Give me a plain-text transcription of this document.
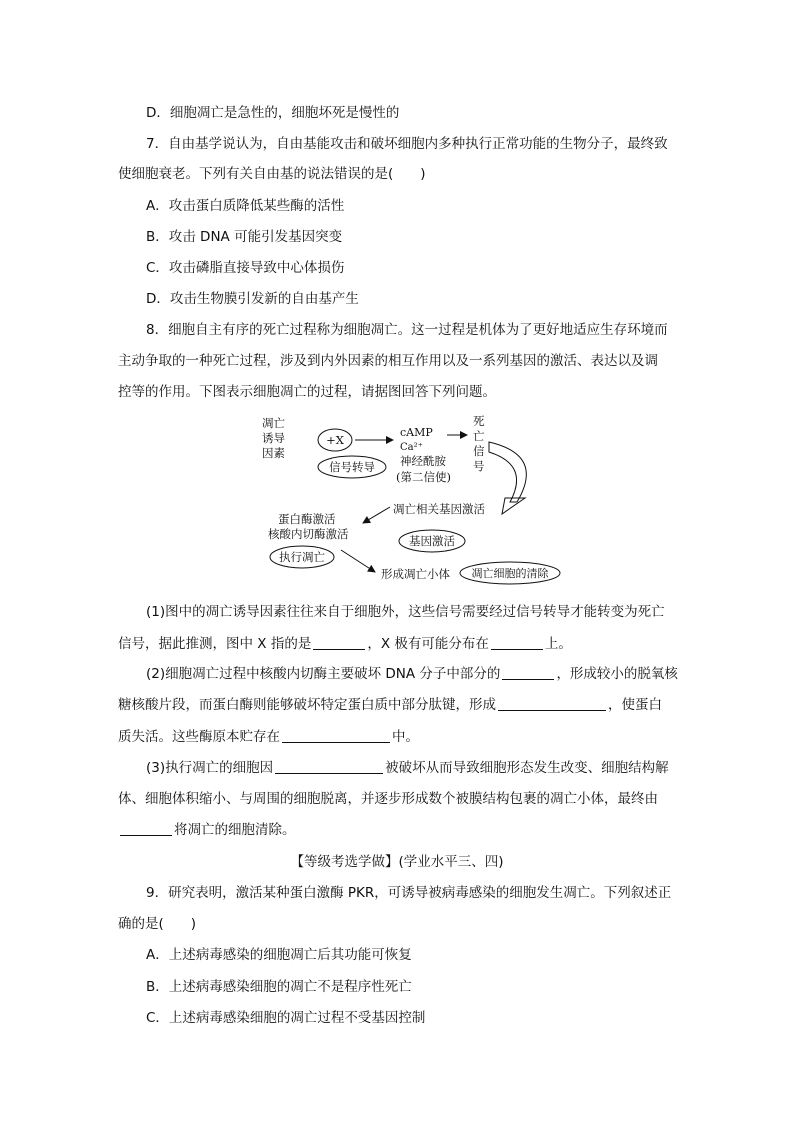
D．细胞凋亡是急性的，细胞坏死是慢性的
7．自由基学说认为，自由基能攻击和破坏细胞内多种执行正常功能的生物分子，最终致
使细胞衰老。下列有关自由基的说法错误的是(　　)
A．攻击蛋白质降低某些酶的活性
B．攻击 DNA 可能引发基因突变
C．攻击磷脂直接导致中心体损伤
D．攻击生物膜引发新的自由基产生
8．细胞自主有序的死亡过程称为细胞凋亡。这一过程是机体为了更好地适应生存环境而
主动争取的一种死亡过程，涉及到内外因素的相互作用以及一系列基因的激活、表达以及调
控等的作用。下图表示细胞凋亡的过程，请据图回答下列问题。
凋亡
诱导
因素
+X
信号转导
cAMP
Ca²⁺
神经酰胺
(第二信使)
死
亡
信
号
凋亡相关基因激活
基因激活
蛋白酶激活
核酸内切酶激活
执行凋亡
形成凋亡小体 凋亡细胞的清除
(1)图中的凋亡诱导因素往往来自于细胞外，这些信号需要经过信号转导才能转变为死亡
信号，据此推测，图中 X 指的是	，X 极有可能分布在	上。
(2)细胞凋亡过程中核酸内切酶主要破坏 DNA 分子中部分的	，形成较小的脱氧核
糖核酸片段，而蛋白酶则能够破坏特定蛋白质中部分肽键，形成	，使蛋白
质失活。这些酶原本贮存在	中。
(3)执行凋亡的细胞因	被破坏从而导致细胞形态发生改变、细胞结构解
体、细胞体积缩小、与周围的细胞脱离，并逐步形成数个被膜结构包裹的凋亡小体，最终由
将凋亡的细胞清除。
【等级考选学做】(学业水平三、四)
9．研究表明，激活某种蛋白激酶 PKR，可诱导被病毒感染的细胞发生凋亡。下列叙述正
确的是(　　)
A．上述病毒感染的细胞凋亡后其功能可恢复
B．上述病毒感染细胞的凋亡不是程序性死亡
C．上述病毒感染细胞的凋亡过程不受基因控制
